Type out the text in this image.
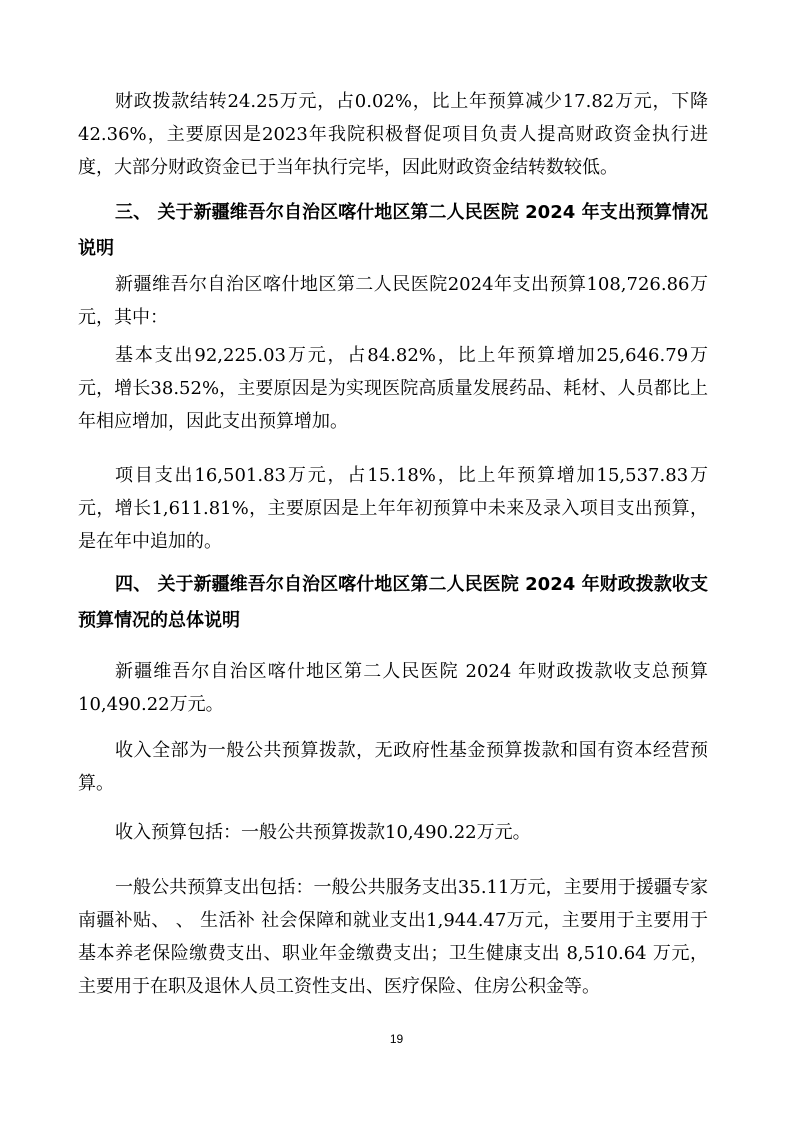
财政拨款结转24.25万元，占0.02%，比上年预算减少17.82万元，下降42.36%，主要原因是2023年我院积极督促项目负责人提高财政资金执行进度，大部分财政资金已于当年执行完毕，因此财政资金结转数较低。

三、 关于新疆维吾尔自治区喀什地区第二人民医院 2024 年支出预算情况说明

新疆维吾尔自治区喀什地区第二人民医院2024年支出预算108,726.86万元，其中：

基本支出92,225.03万元，占84.82%，比上年预算增加25,646.79万元，增长38.52%，主要原因是为实现医院高质量发展药品、耗材、人员都比上年相应增加，因此支出预算增加。

项目支出16,501.83万元，占15.18%，比上年预算增加15,537.83万元，增长1,611.81%，主要原因是上年年初预算中未来及录入项目支出预算，是在年中追加的。

四、 关于新疆维吾尔自治区喀什地区第二人民医院 2024 年财政拨款收支预算情况的总体说明

新疆维吾尔自治区喀什地区第二人民医院 2024 年财政拨款收支总预算10,490.22万元。

收入全部为一般公共预算拨款，无政府性基金预算拨款和国有资本经营预算。

收入预算包括：一般公共预算拨款10,490.22万元。

一般公共预算支出包括：一般公共服务支出35.11万元，主要用于援疆专家南疆补贴、 、 生活补 社会保障和就业支出1,944.47万元，主要用于主要用于基本养老保险缴费支出、职业年金缴费支出；卫生健康支出 8,510.64 万元，主要用于在职及退休人员工资性支出、医疗保险、住房公积金等。

19
